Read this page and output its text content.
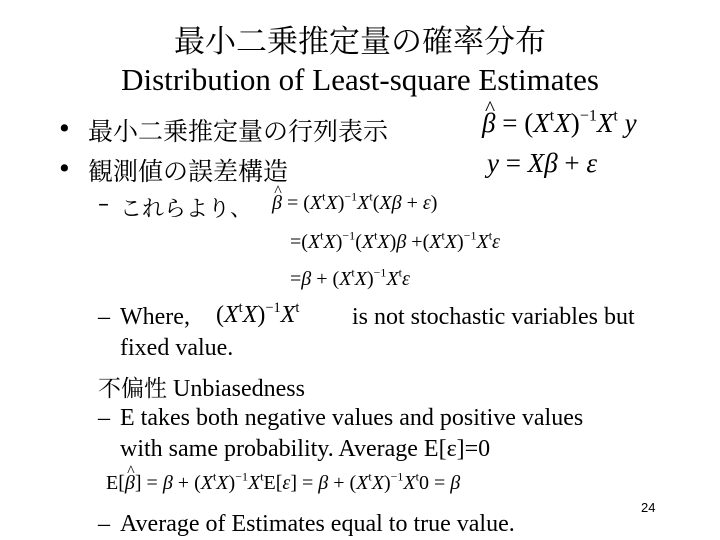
最小二乗推定量の確率分布
Distribution of Least-square Estimates
• 最小二乗推定量の行列表示	^ $\beta = (X^tX)^{-1}X^t$ y
• 観測値の誤差構造	y = Xβ + ε
– これらより、 ^ $\beta = (X^tX)^{-1}X^t(X\beta + \varepsilon)$
$=(X^tX)^{-1}(X^tX)\beta +(X^tX)^{-1}X^t\varepsilon$
$=\beta + (X^tX)^{-1}X^t\varepsilon$
– Where, $(X^tX)^{-1}X^t$ is not stochastic variables but
fixed value.
不偏性 Unbiasedness
– E takes both negative values and positive values
with same probability. Average E[ε]=0
E[^ $\beta] = \beta + (X^tX)^{-1}X^tE[\varepsilon] = \beta + (X^tX)^{-1}X^t0 = \beta$
– Average of Estimates equal to true value.
24
